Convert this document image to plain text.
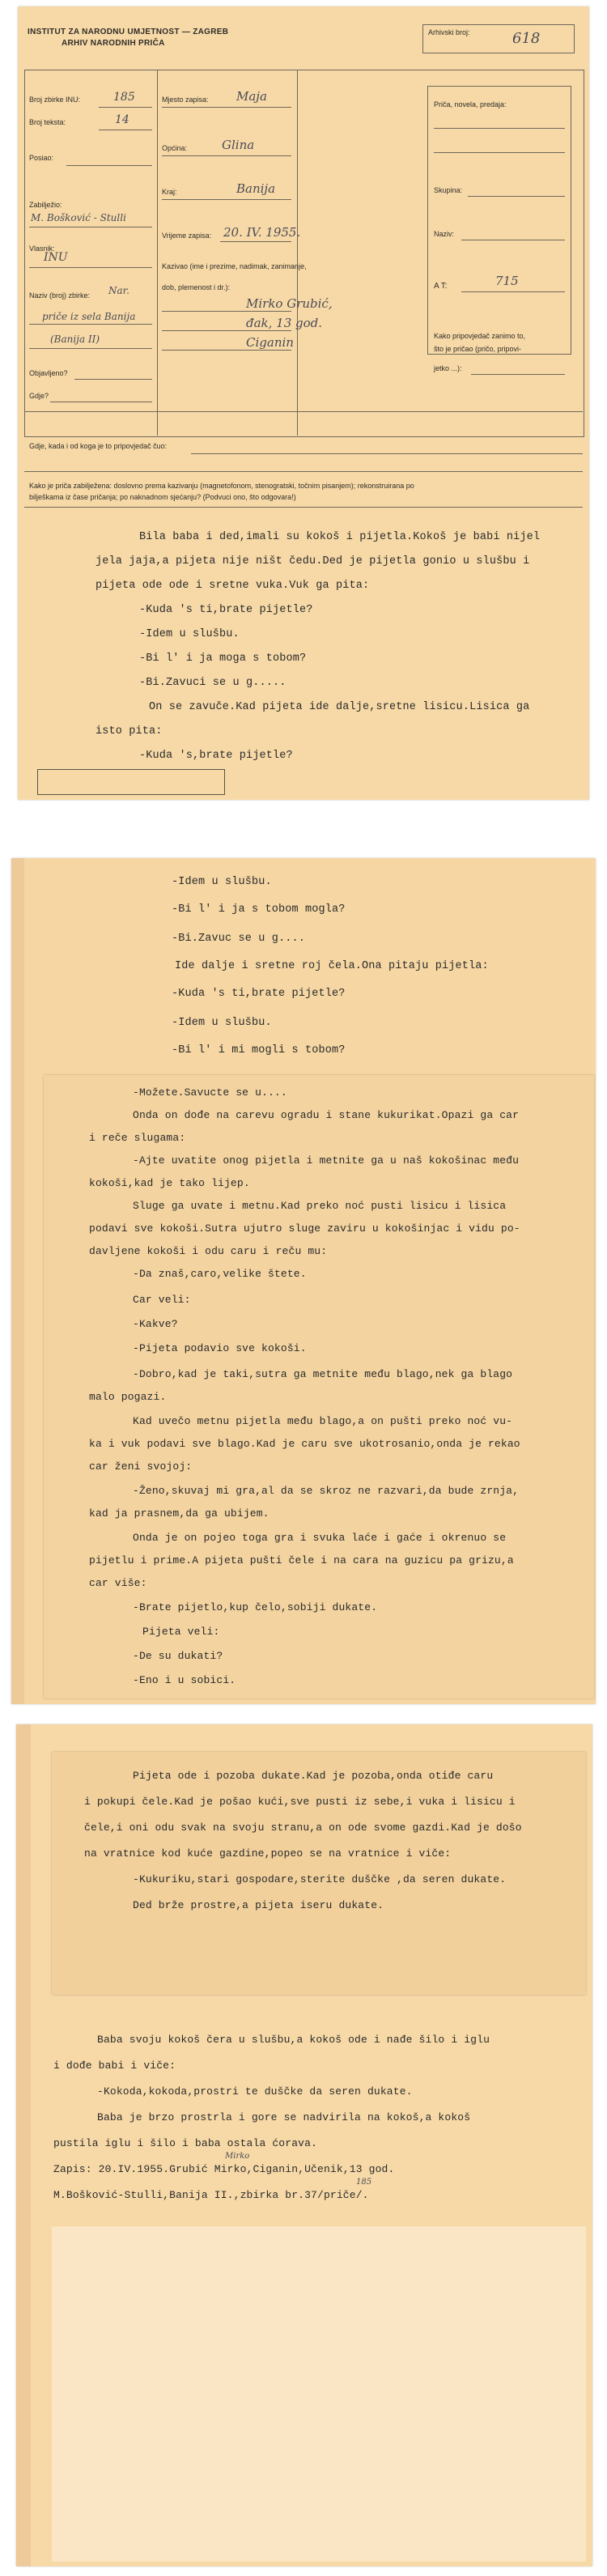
INSTITUT ZA NARODNU UMJETNOST — ZAGREB
ARHIV NARODNIH PRIČA
Arhivski broj:	618
Broj zbirke INU:	185
Broj teksta:	14
Posiao:
Zabilježio:
M. Bošković - Stulli
Vlasnik:
INU
Naziv (broj) zbirke: Nar.
priče iz sela Banija
(Banija II)
Objavljeno?
Gdje?
Mjesto zapisa: Maja
Općina:	Glina
Kraj:	Banija
Vrijeme zapisa: 20. IV. 1955.
Kazivao (ime i prezime, nadimak, zanimanje,
dob, plemenost i dr.):
Mirko Grubić,
đak, 13 god.
Ciganin
Priča, novela, predaja:
Skupina:
Naziv:
A T:	715
Kako pripovjedač zanimo to,
što je pričao (pričo, pripovi-
jetko ...):
Gdje, kada i od koga je to pripovjedač čuo:
Kako je priča zabilježena: doslovno prema kazivanju (magnetofonom, stenogratski, točnim pisanjem); rekonstruirana po
bilješkama iz čase pričanja; po naknadnom sjećanju? (Podvuci ono, što odgovara!)
Bila baba i ded,imali su kokoš i pijetla.Kokoš je babi nijel
jela jaja,a pijeta nije ništ čedu.Ded je pijetla gonio u slušbu i
pijeta ode ode i sretne vuka.Vuk ga pita:
-Kuda 's ti,brate pijetle?
-Idem u slušbu.
-Bi l' i ja moga s tobom?
-Bi.Zavuci se u g.....
On se zavuče.Kad pijeta ide dalje,sretne lisicu.Lisica ga
isto pita:
-Kuda 's,brate pijetle?
-Idem u slušbu.
-Bi l' i ja s tobom mogla?
-Bi.Zavuc se u g....
Ide dalje i sretne roj čela.Ona pitaju pijetla:
-Kuda 's ti,brate pijetle?
-Idem u slušbu.
-Bi l' i mi mogli s tobom?
-Možete.Savucte se u....
Onda on dođe na carevu ogradu i stane kukurikat.Opazi ga car
i reče slugama:
-Ajte uvatite onog pijetla i metnite ga u naš kokošinac među
kokoši,kad je tako lijep.
Sluge ga uvate i metnu.Kad preko noć pusti lisicu i lisica
podavi sve kokoši.Sutra ujutro sluge zaviru u kokošinjac i vidu po-
davljene kokoši i odu caru i reču mu:
-Da znaš,caro,velike štete.
Car veli:
-Kakve?
-Pijeta podavio sve kokoši.
-Dobro,kad je taki,sutra ga metnite među blago,nek ga blago
malo pogazi.
Kad uvečo metnu pijetla među blago,a on pušti preko noć vu-
ka i vuk podavi sve blago.Kad je caru sve ukotrosanio,onda je rekao
car ženi svojoj:
-Ženo,skuvaj mi gra,al da se skroz ne razvari,da bude zrnja,
kad ja prasnem,da ga ubijem.
Onda je on pojeo toga gra i svuka laće i gaće i okrenuo se
pijetlu i prime.A pijeta pušti čele i na cara na guzicu pa grizu,a
car više:
-Brate pijetlo,kup čelo,sobiji dukate.
Pijeta veli:
-De su dukati?
-Eno i u sobici.
Pijeta ode i pozoba dukate.Kad je pozoba,onda otiđe caru
i pokupi čele.Kad je pošao kući,sve pusti iz sebe,i vuka i lisicu i
čele,i oni odu svak na svoju stranu,a on ode svome gazdi.Kad je došo
na vratnice kod kuće gazdine,popeo se na vratnice i viče:
-Kukuriku,stari gospodare,sterite duščke ,da seren dukate.
Ded brže prostre,a pijeta iseru dukate.
Baba svoju kokoš čera u slušbu,a kokoš ode i nađe šilo i iglu
i dođe babi i viče:
-Kokoda,kokoda,prostri te duščke da seren dukate.
Baba je brzo prostrla i gore se nadvirila na kokoš,a kokoš
pustila iglu i šilo i baba ostala ćorava.
Mirko
Zapis: 20.IV.1955.Grubić Mirko,Ciganin,Učenik,13 god.
185
M.Bošković-Stulli,Banija II.,zbirka br.37/priče/.
